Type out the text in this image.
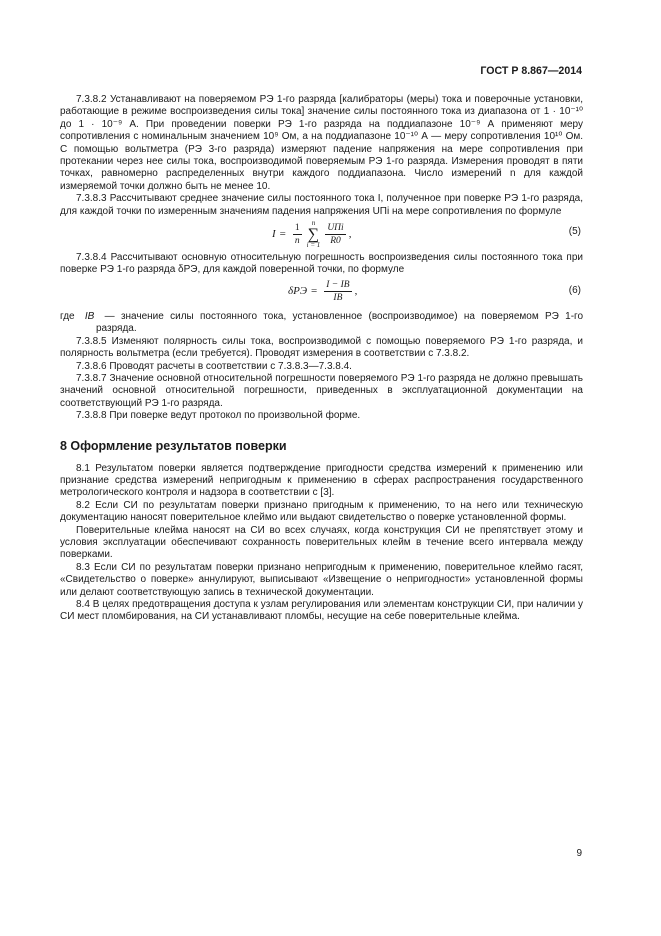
ГОСТ Р 8.867—2014

7.3.8.2 Устанавливают на поверяемом РЭ 1-го разряда [калибраторы (меры) тока и поверочные установки, работающие в режиме воспроизведения силы тока] значение силы постоянного тока из диапазона от 1 · 10⁻¹⁰ до 1 · 10⁻⁹ А. При проведении поверки РЭ 1-го разряда на поддиапазоне 10⁻⁹ А применяют меру сопротивления с номинальным значением 10⁹ Ом, а на поддиапазоне 10⁻¹⁰ А — меру сопротивления 10¹⁰ Ом. С помощью вольтметра (РЭ 3-го разряда) измеряют падение напряжения на мере сопротивления при протекании через нее силы тока, воспроизводимой поверяемым РЭ 1-го разряда. Измерения проводят в пяти точках, равномерно распределенных внутри каждого поддиапазона. Число измерений n для каждой измеряемой точки должно быть не менее 10.

7.3.8.3 Рассчитывают среднее значение силы постоянного тока I, полученное при поверке РЭ 1-го разряда, для каждой точки по измеренным значениям падения напряжения UПi на мере сопротивления по формуле

$I = \frac{1}{n}$ n
∑
$i = 1 \frac{\text{UПi}}{R0}$ ,	(5)

7.3.8.4 Рассчитывают основную относительную погрешность воспроизведения силы постоянного тока при поверке РЭ 1-го разряда δРЭ, для каждой поверенной точки, по формуле

$\delta РЭ = \frac{I - IВ}{IВ}$ ,	(6)

где IВ — значение силы постоянного тока, установленное (воспроизводимое) на поверяемом РЭ 1-го разряда.

7.3.8.5 Изменяют полярность силы тока, воспроизводимой с помощью поверяемого РЭ 1-го разряда, и полярность вольтметра (если требуется). Проводят измерения в соответствии с 7.3.8.2.

7.3.8.6 Проводят расчеты в соответствии с 7.3.8.3—7.3.8.4.

7.3.8.7 Значение основной относительной погрешности поверяемого РЭ 1-го разряда не должно превышать значений основной относительной погрешности, приведенных в эксплуатационной документации на соответствующий РЭ 1-го разряда.

7.3.8.8 При поверке ведут протокол по произвольной форме.

8 Оформление результатов поверки

8.1 Результатом поверки является подтверждение пригодности средства измерений к применению или признание средства измерений непригодным к применению в сферах распространения государственного метрологического контроля и надзора в соответствии с [3].

8.2 Если СИ по результатам поверки признано пригодным к применению, то на него или техническую документацию наносят поверительное клеймо или выдают свидетельство о поверке установленной формы.

Поверительные клейма наносят на СИ во всех случаях, когда конструкция СИ не препятствует этому и условия эксплуатации обеспечивают сохранность поверительных клейм в течение всего интервала между поверками.

8.3 Если СИ по результатам поверки признано непригодным к применению, поверительное клеймо гасят, «Свидетельство о поверке» аннулируют, выписывают «Извещение о непригодности» установленной формы или делают соответствующую запись в технической документации.

8.4 В целях предотвращения доступа к узлам регулирования или элементам конструкции СИ, при наличии у СИ мест пломбирования, на СИ устанавливают пломбы, несущие на себе поверительные клейма.

9
